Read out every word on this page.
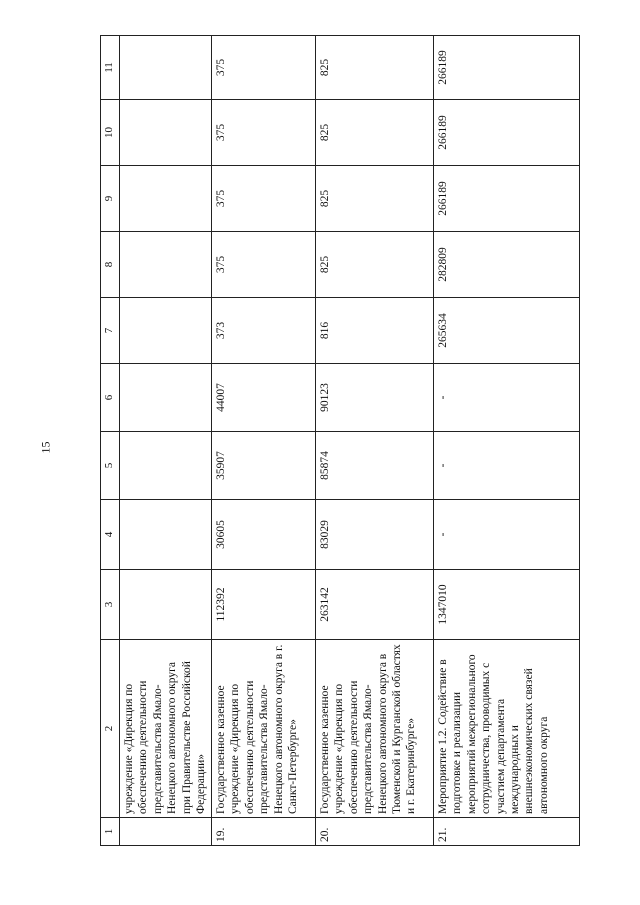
15
1	2	3	4	5	6	7	8	9	10	11
	учреждение «Дирекция по обеспечению деятельности представительства Ямало-Ненецкого автономного округа при Правительстве Российской Федерации»									
19.	Государственное казенное учреждение «Дирекция по обеспечению деятельности представительства Ямало-Ненецкого автономного округа в г. Санкт-Петербурге»	112392	30605	35907	44007	373	375	375	375	375
20.	Государственное казенное учреждение «Дирекция по обеспечению деятельности представительства Ямало-Ненецкого автономного округа в Тюменской и Курганской областях и г. Екатеринбурге»	263142	83029	85874	90123	816	825	825	825	825
21.	Мероприятие 1.2. Содействие в подготовке и реализации мероприятий межрегионального сотрудничества, проводимых с участием департамента международных и внешнеэкономических связей автономного округа	1347010	-	-	-	265634	282809	266189	266189	266189
